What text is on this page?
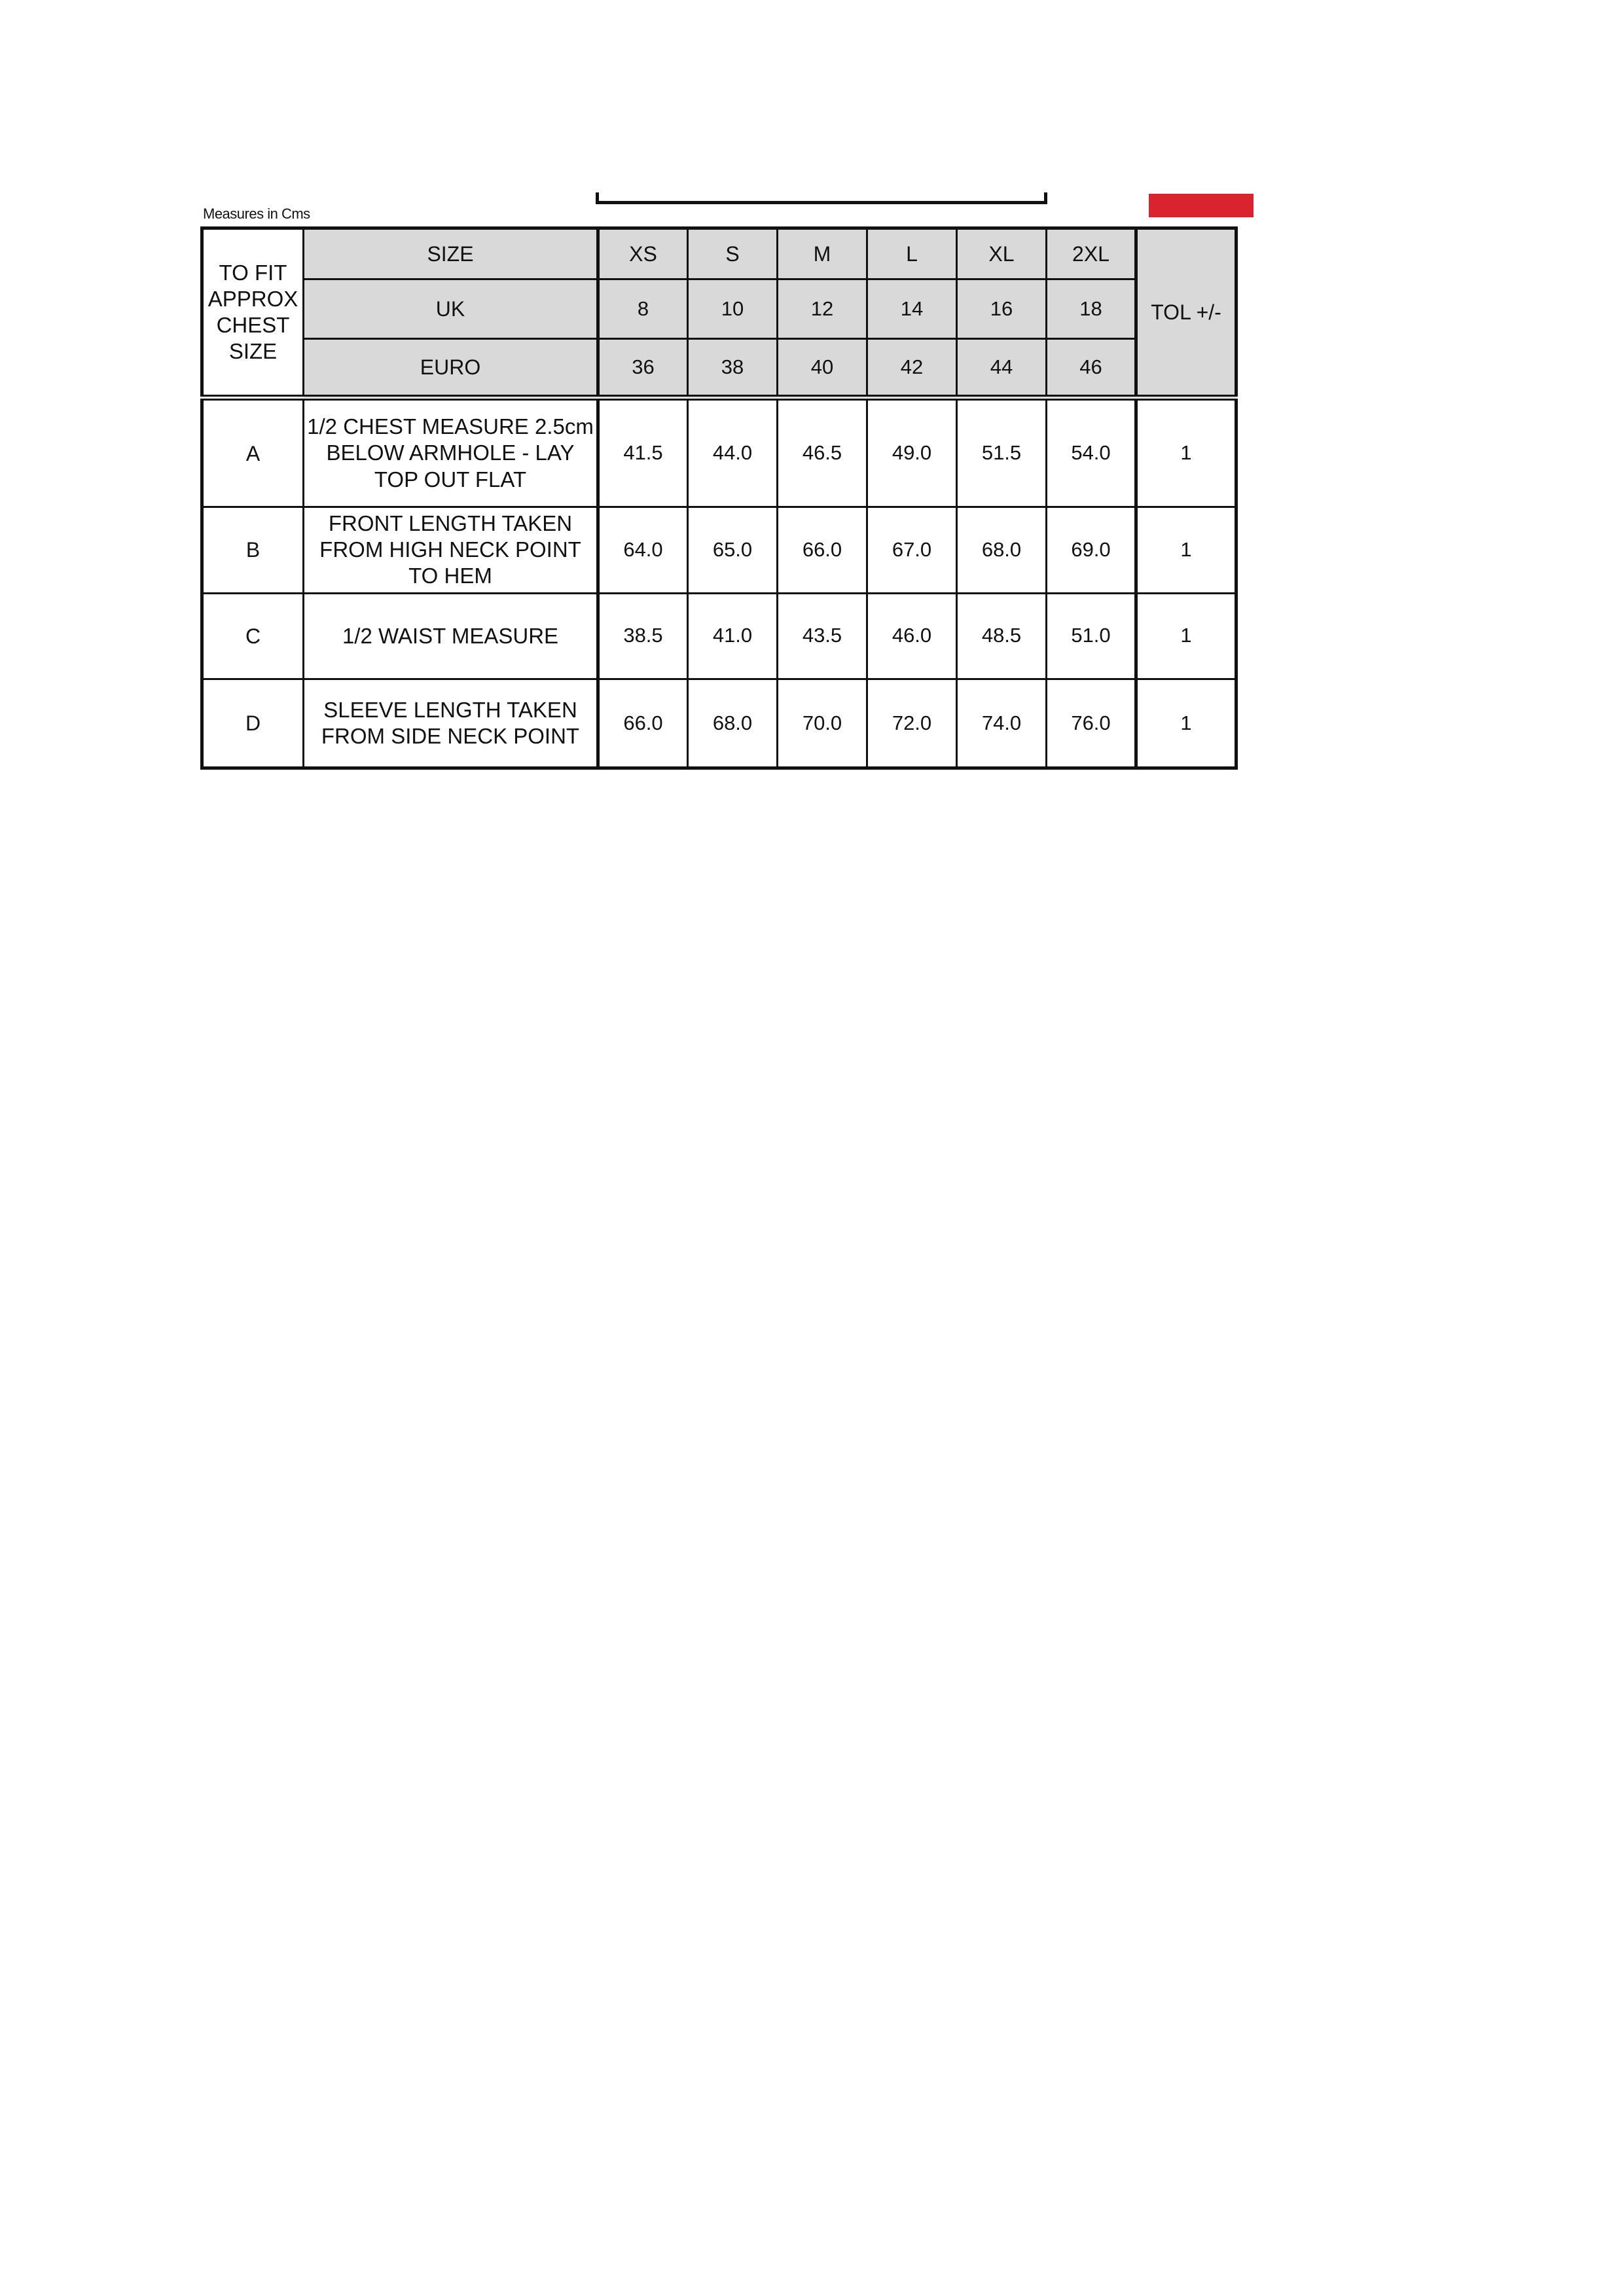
Measures in Cms
TO FIT APPROX CHEST SIZE	SIZE	XS	S	M	L	XL	2XL	TOL +/-
	UK	8	10	12	14	16	18	
	EURO	36	38	40	42	44	46	
A	1/2 CHEST MEASURE 2.5cm BELOW ARMHOLE - LAY TOP OUT FLAT	41.5	44.0	46.5	49.0	51.5	54.0	1
B	FRONT LENGTH TAKEN FROM HIGH NECK POINT TO HEM	64.0	65.0	66.0	67.0	68.0	69.0	1
C	1/2 WAIST MEASURE	38.5	41.0	43.5	46.0	48.5	51.0	1
D	SLEEVE LENGTH TAKEN FROM SIDE NECK POINT	66.0	68.0	70.0	72.0	74.0	76.0	1
